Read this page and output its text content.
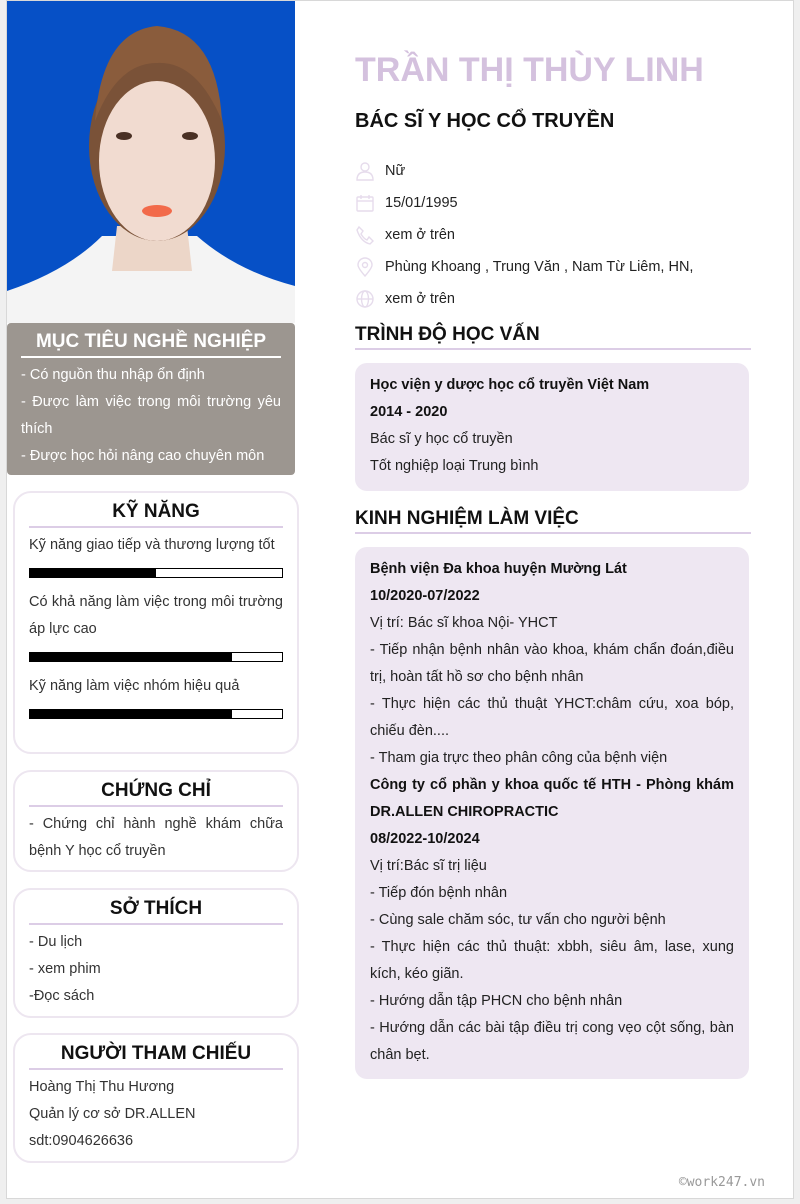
MỤC TIÊU NGHỀ NGHIỆP

- Có nguồn thu nhập ổn định

- Được làm việc trong môi trường yêu thích

- Được học hỏi nâng cao chuyên môn

KỸ NĂNG

Kỹ năng giao tiếp và thương lượng tốt

Có khả năng làm việc trong môi trường áp lực cao

Kỹ năng làm việc nhóm hiệu quả

CHỨNG CHỈ

- Chứng chỉ hành nghề khám chữa bệnh Y học cổ truyền

SỞ THÍCH

- Du lịch

- xem phim

-Đọc sách

NGƯỜI THAM CHIẾU

Hoàng Thị Thu Hương

Quản lý cơ sở DR.ALLEN

sdt:0904626636

TRẦN THỊ THÙY LINH
BÁC SĨ Y HỌC CỔ TRUYỀN
Nữ
15/01/1995
xem ở trên
Phùng Khoang , Trung Văn , Nam Từ Liêm, HN,
xem ở trên
TRÌNH ĐỘ HỌC VẤN

Học viện y dược học cổ truyền Việt Nam

2014 - 2020

Bác sĩ y học cổ truyền

Tốt nghiệp loại Trung bình

KINH NGHIỆM LÀM VIỆC

Bệnh viện Đa khoa huyện Mường Lát

10/2020-07/2022

Vị trí: Bác sĩ khoa Nội- YHCT

- Tiếp nhận bệnh nhân vào khoa, khám chẩn đoán,điều trị, hoàn tất hồ sơ cho bệnh nhân

- Thực hiện các thủ thuật YHCT:châm cứu, xoa bóp, chiếu đèn....

- Tham gia trực theo phân công của bệnh viện

Công ty cổ phần y khoa quốc tế HTH - Phòng khám DR.ALLEN CHIROPRACTIC

08/2022-10/2024

Vị trí:Bác sĩ trị liệu

- Tiếp đón bệnh nhân

- Cùng sale chăm sóc, tư vấn cho người bệnh

- Thực hiện các thủ thuật: xbbh, siêu âm, lase, xung kích, kéo giãn.

- Hướng dẫn tập PHCN cho bệnh nhân

- Hướng dẫn các bài tập điều trị cong vẹo cột sống, bàn chân bẹt.

©work247.vn
